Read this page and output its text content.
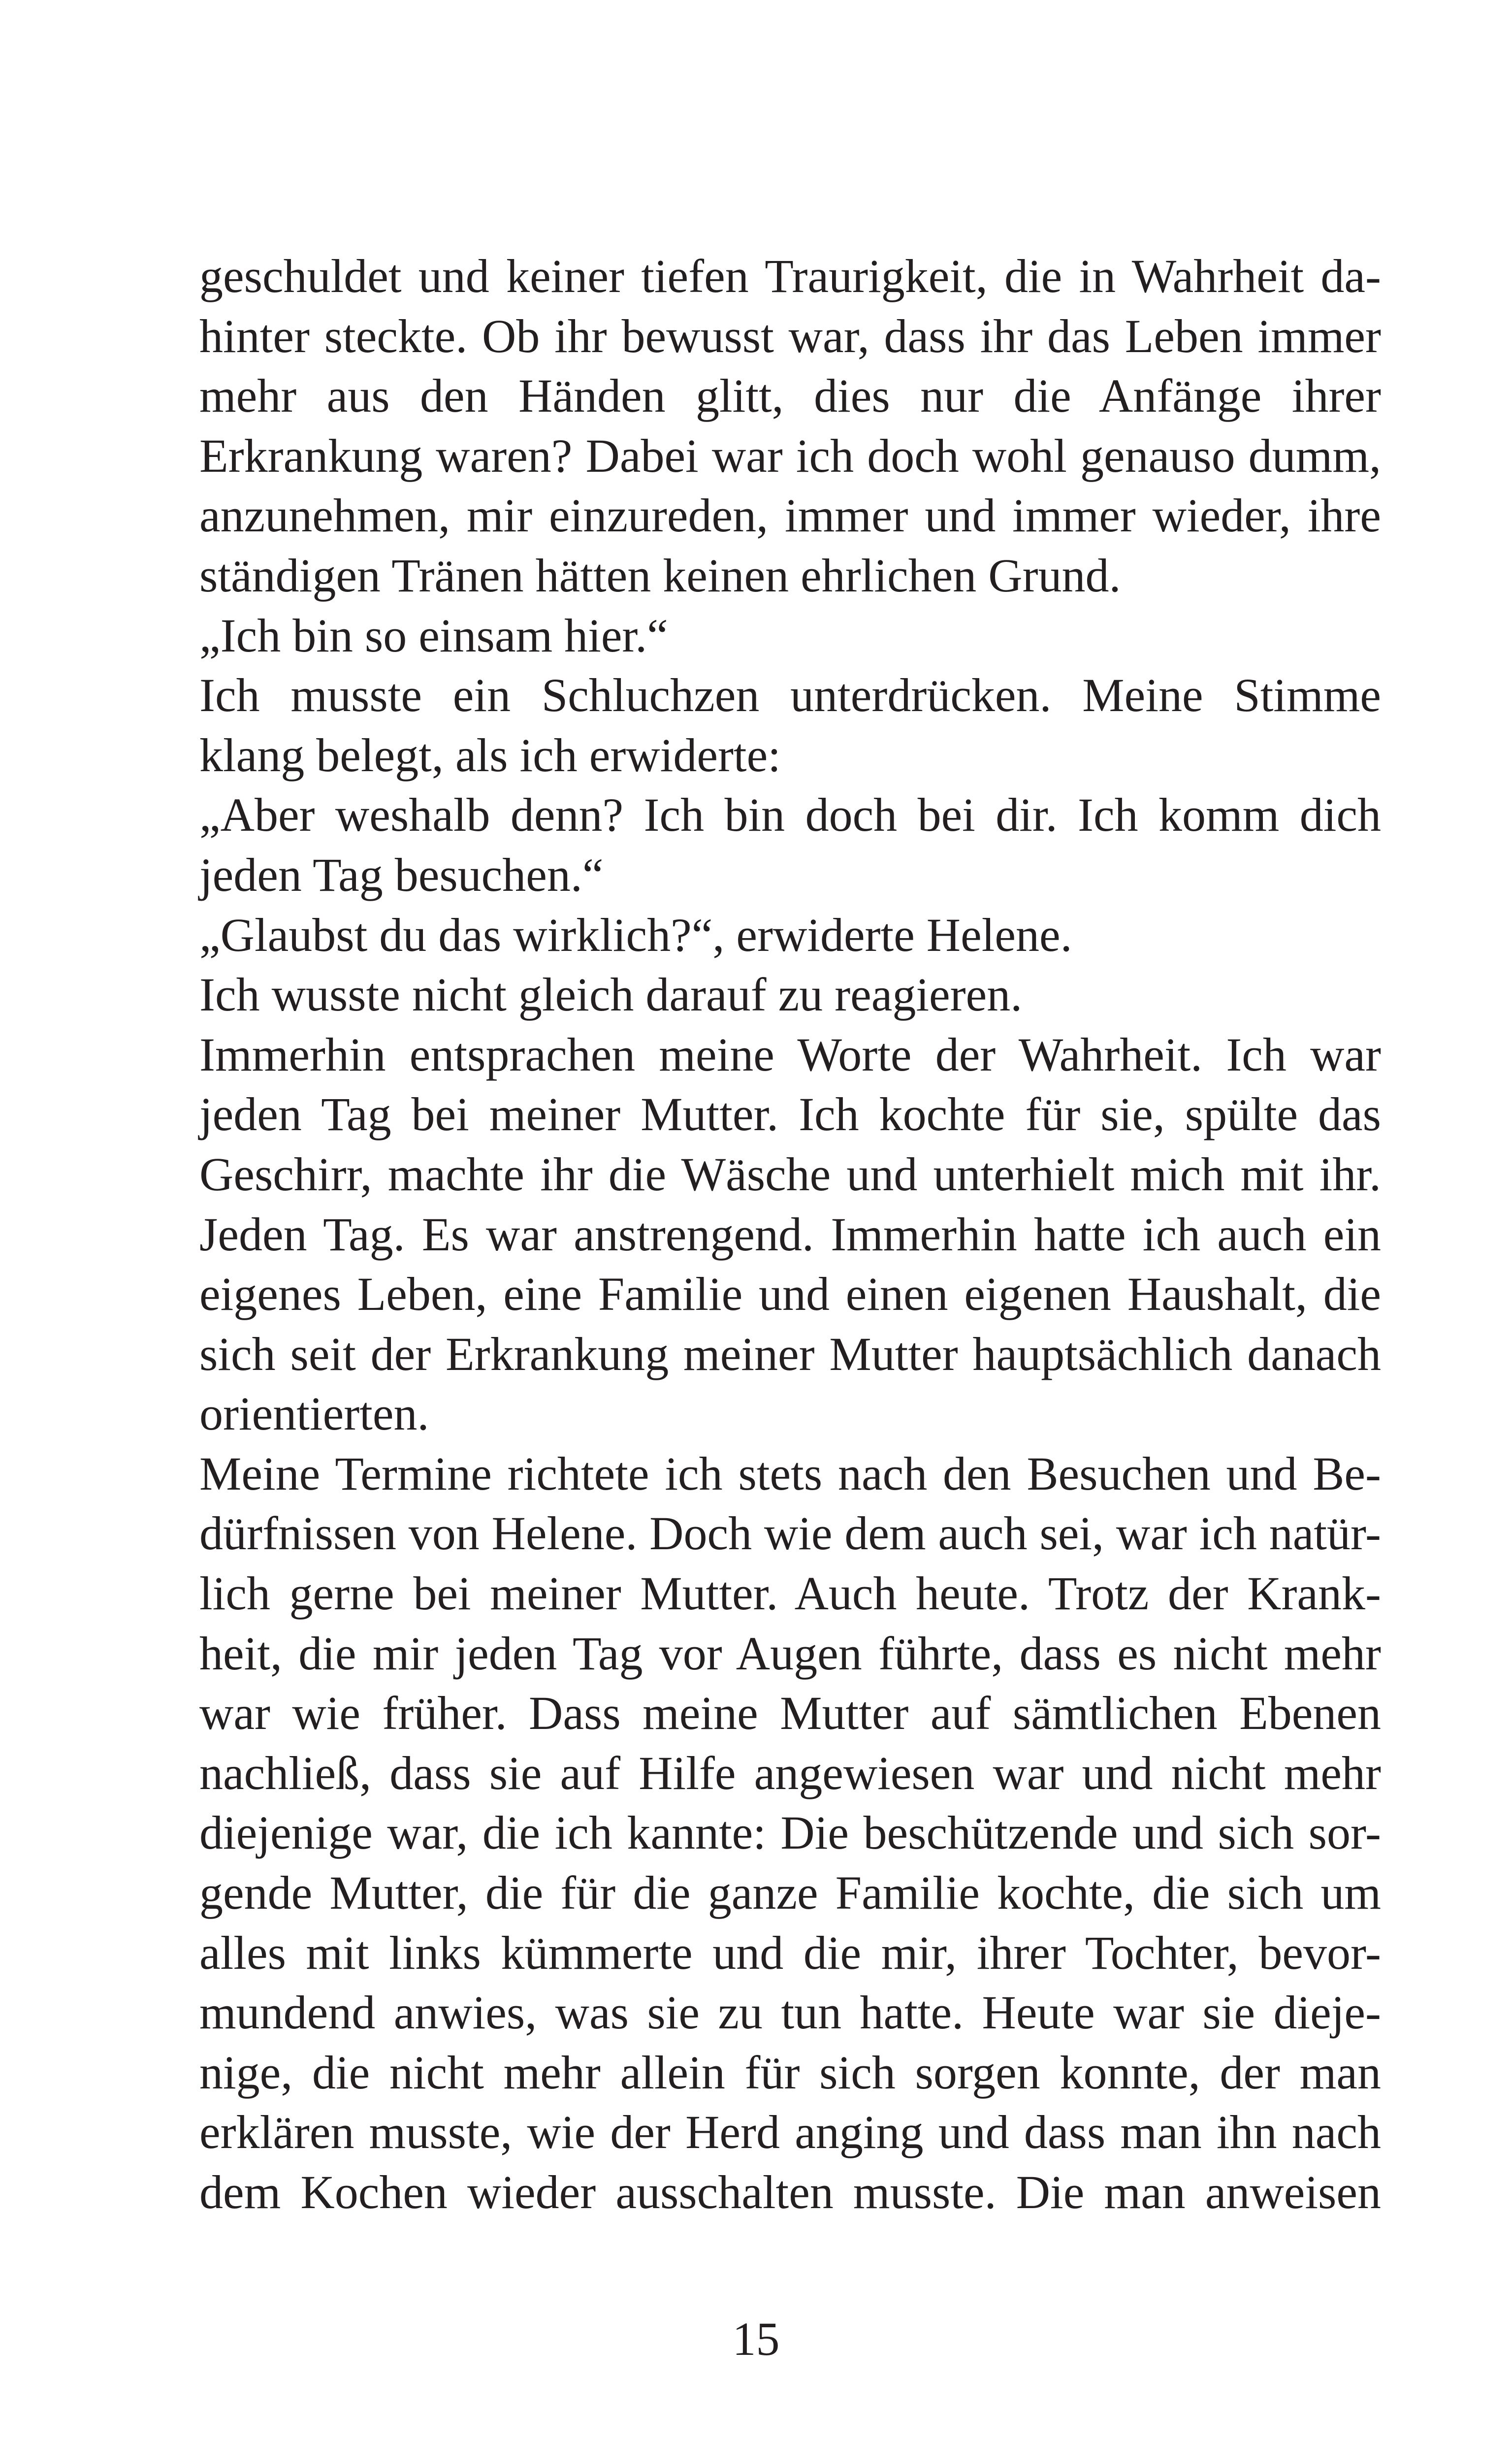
geschuldet und keiner tiefen Traurigkeit, die in Wahrheit da-
hinter steckte. Ob ihr bewusst war, dass ihr das Leben immer
mehr aus den Händen glitt, dies nur die Anfänge ihrer
Erkrankung waren? Dabei war ich doch wohl genauso dumm,
anzunehmen, mir einzureden, immer und immer wieder, ihre
ständigen Tränen hätten keinen ehrlichen Grund.
„Ich bin so einsam hier.“
Ich musste ein Schluchzen unterdrücken. Meine Stimme
klang belegt, als ich erwiderte:
„Aber weshalb denn? Ich bin doch bei dir. Ich komm dich
jeden Tag besuchen.“
„Glaubst du das wirklich?“, erwiderte Helene.
Ich wusste nicht gleich darauf zu reagieren.
Immerhin entsprachen meine Worte der Wahrheit. Ich war
jeden Tag bei meiner Mutter. Ich kochte für sie, spülte das
Geschirr, machte ihr die Wäsche und unterhielt mich mit ihr.
Jeden Tag. Es war anstrengend. Immerhin hatte ich auch ein
eigenes Leben, eine Familie und einen eigenen Haushalt, die
sich seit der Erkrankung meiner Mutter hauptsächlich danach
orientierten.
Meine Termine richtete ich stets nach den Besuchen und Be-
dürfnissen von Helene. Doch wie dem auch sei, war ich natür-
lich gerne bei meiner Mutter. Auch heute. Trotz der Krank-
heit, die mir jeden Tag vor Augen führte, dass es nicht mehr
war wie früher. Dass meine Mutter auf sämtlichen Ebenen
nachließ, dass sie auf Hilfe angewiesen war und nicht mehr
diejenige war, die ich kannte: Die beschützende und sich sor-
gende Mutter, die für die ganze Familie kochte, die sich um
alles mit links kümmerte und die mir, ihrer Tochter, bevor-
mundend anwies, was sie zu tun hatte. Heute war sie dieje-
nige, die nicht mehr allein für sich sorgen konnte, der man
erklären musste, wie der Herd anging und dass man ihn nach
dem Kochen wieder ausschalten musste. Die man anweisen
15
